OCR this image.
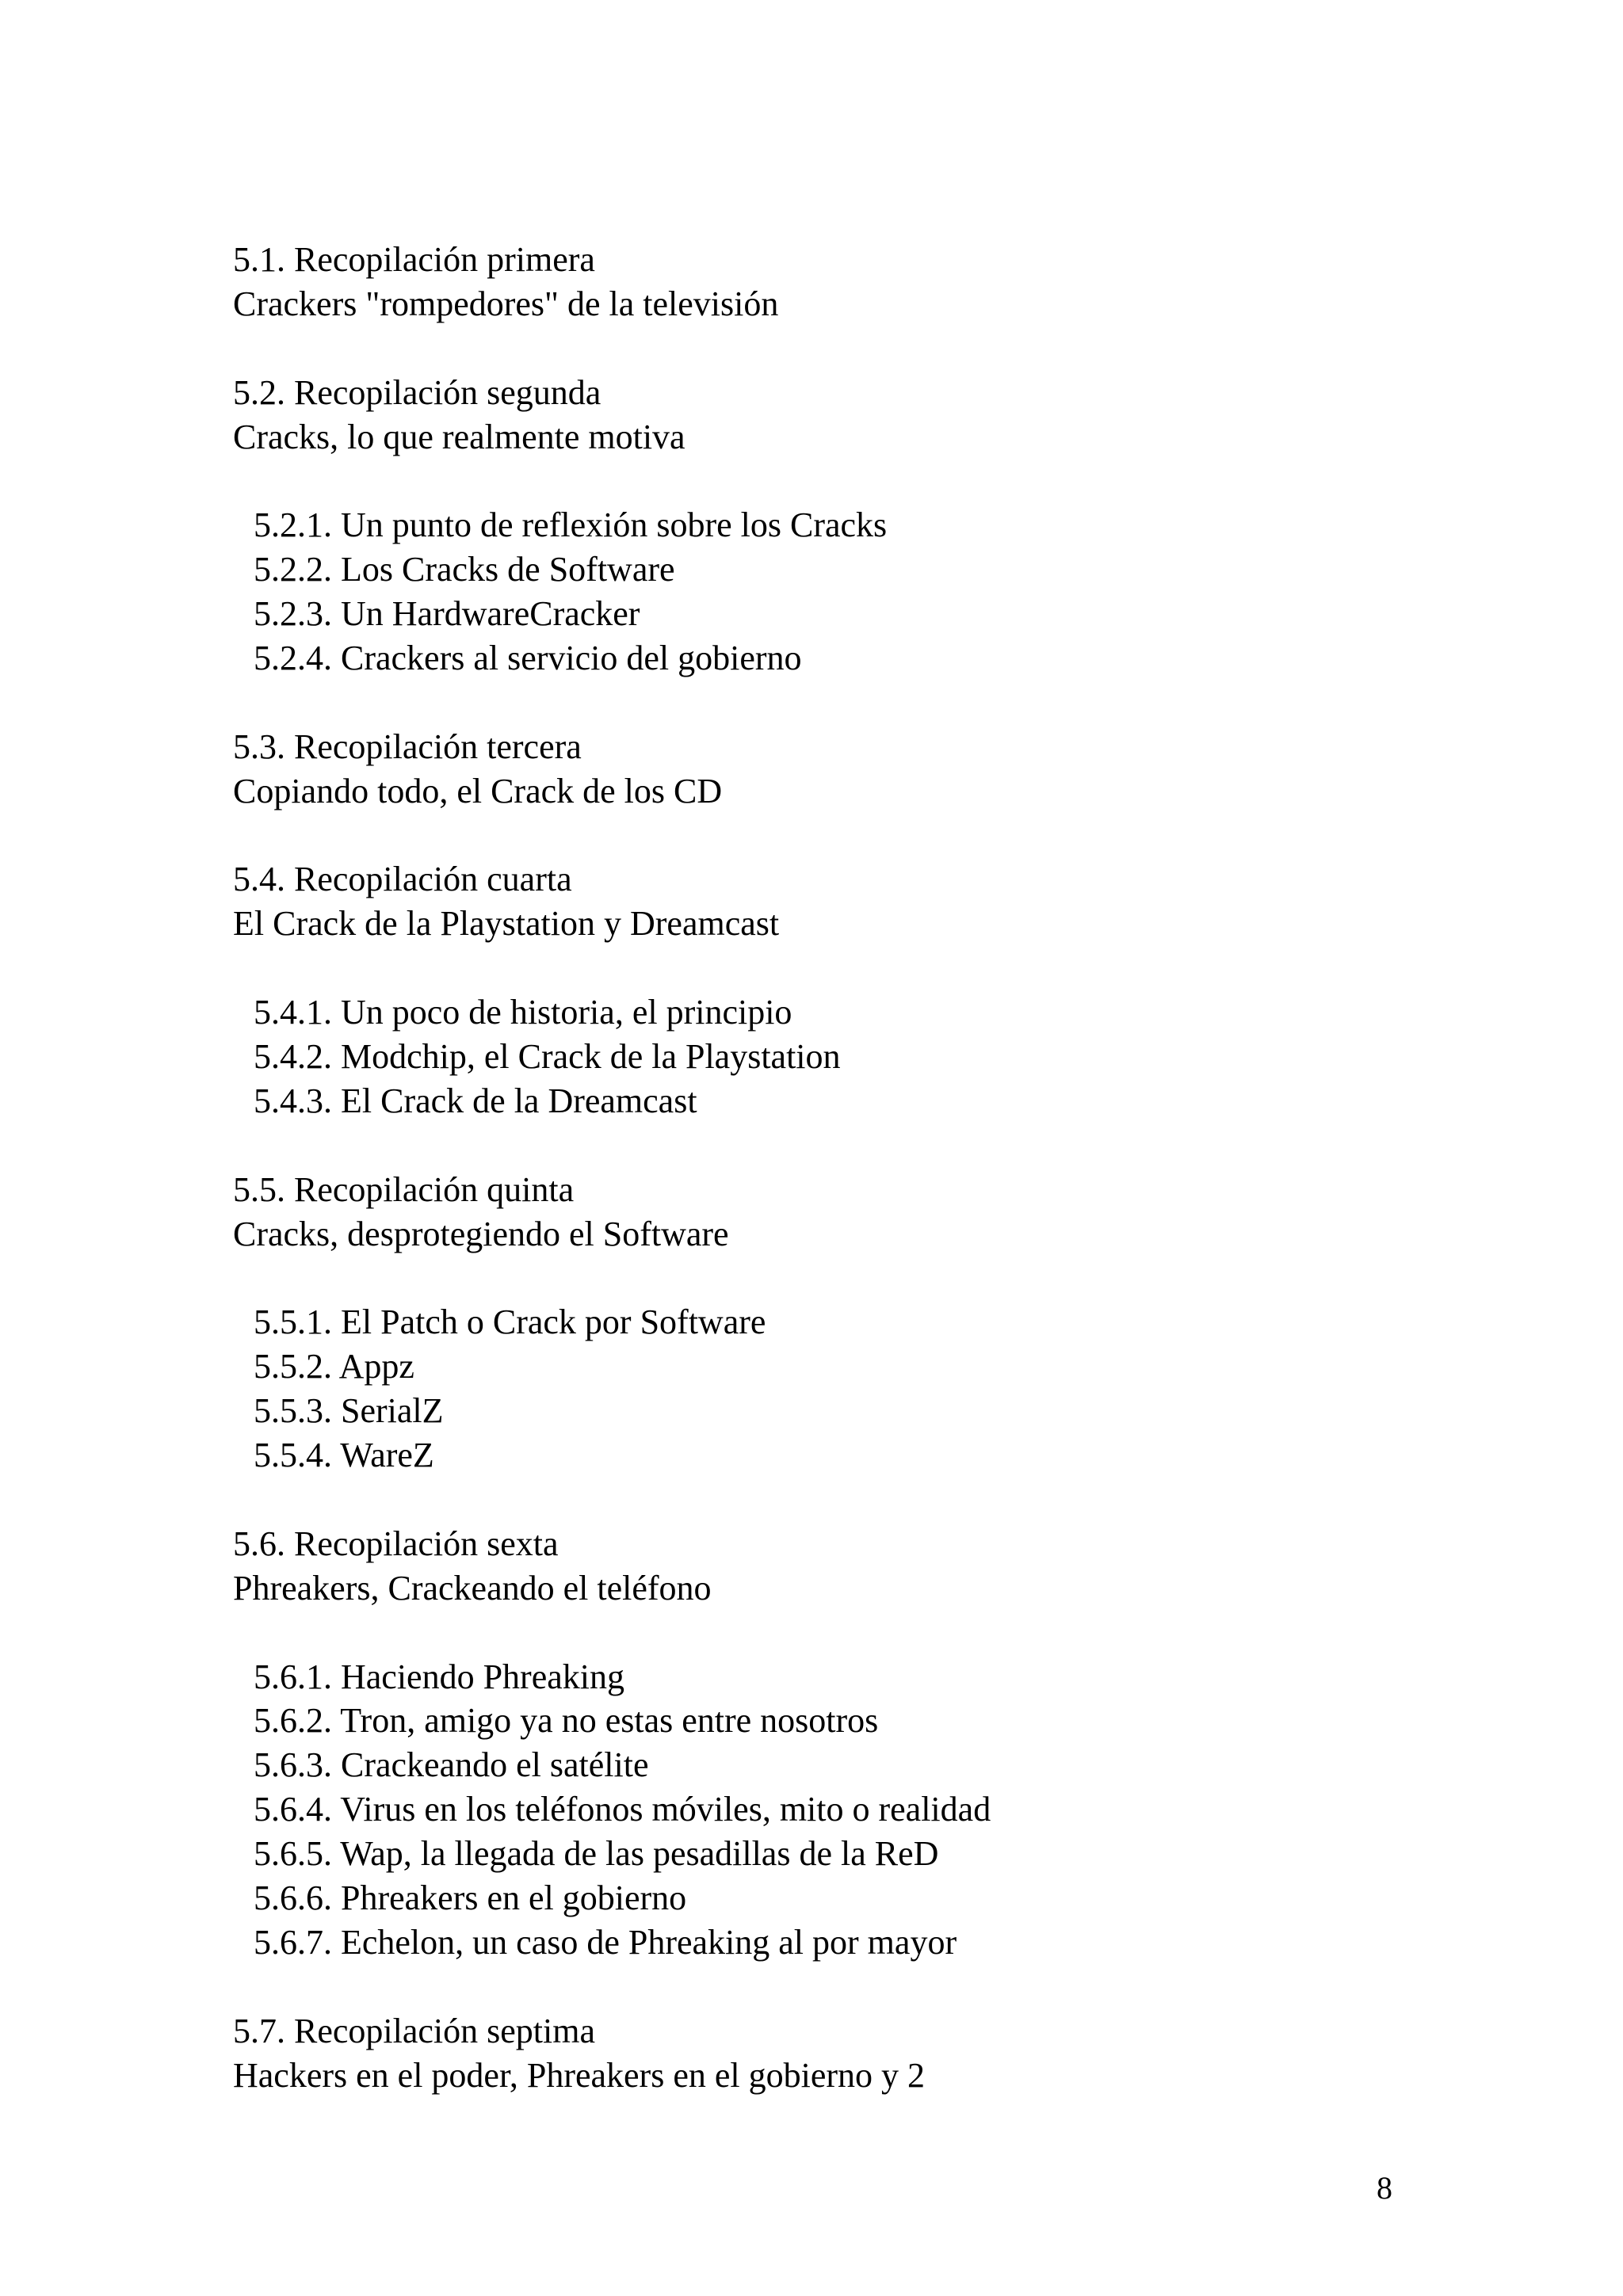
5.1. Recopilación primera
Crackers "rompedores" de la televisión
5.2. Recopilación segunda
Cracks, lo que realmente motiva
5.2.1. Un punto de reflexión sobre los Cracks
5.2.2. Los Cracks de Software
5.2.3. Un HardwareCracker
5.2.4. Crackers al servicio del gobierno
5.3. Recopilación tercera
Copiando todo, el Crack de los CD
5.4. Recopilación cuarta
El Crack de la Playstation y Dreamcast
5.4.1. Un poco de historia, el principio
5.4.2. Modchip, el Crack de la Playstation
5.4.3. El Crack de la Dreamcast
5.5. Recopilación quinta
Cracks, desprotegiendo el Software
5.5.1. El Patch o Crack por Software
5.5.2. Appz
5.5.3. SerialZ
5.5.4. WareZ
5.6. Recopilación sexta
Phreakers, Crackeando el teléfono
5.6.1. Haciendo Phreaking
5.6.2. Tron, amigo ya no estas entre nosotros
5.6.3. Crackeando el satélite
5.6.4. Virus en los teléfonos móviles, mito o realidad
5.6.5. Wap, la llegada de las pesadillas de la ReD
5.6.6. Phreakers en el gobierno
5.6.7. Echelon, un caso de Phreaking al por mayor
5.7. Recopilación septima
Hackers en el poder, Phreakers en el gobierno y 2
8
